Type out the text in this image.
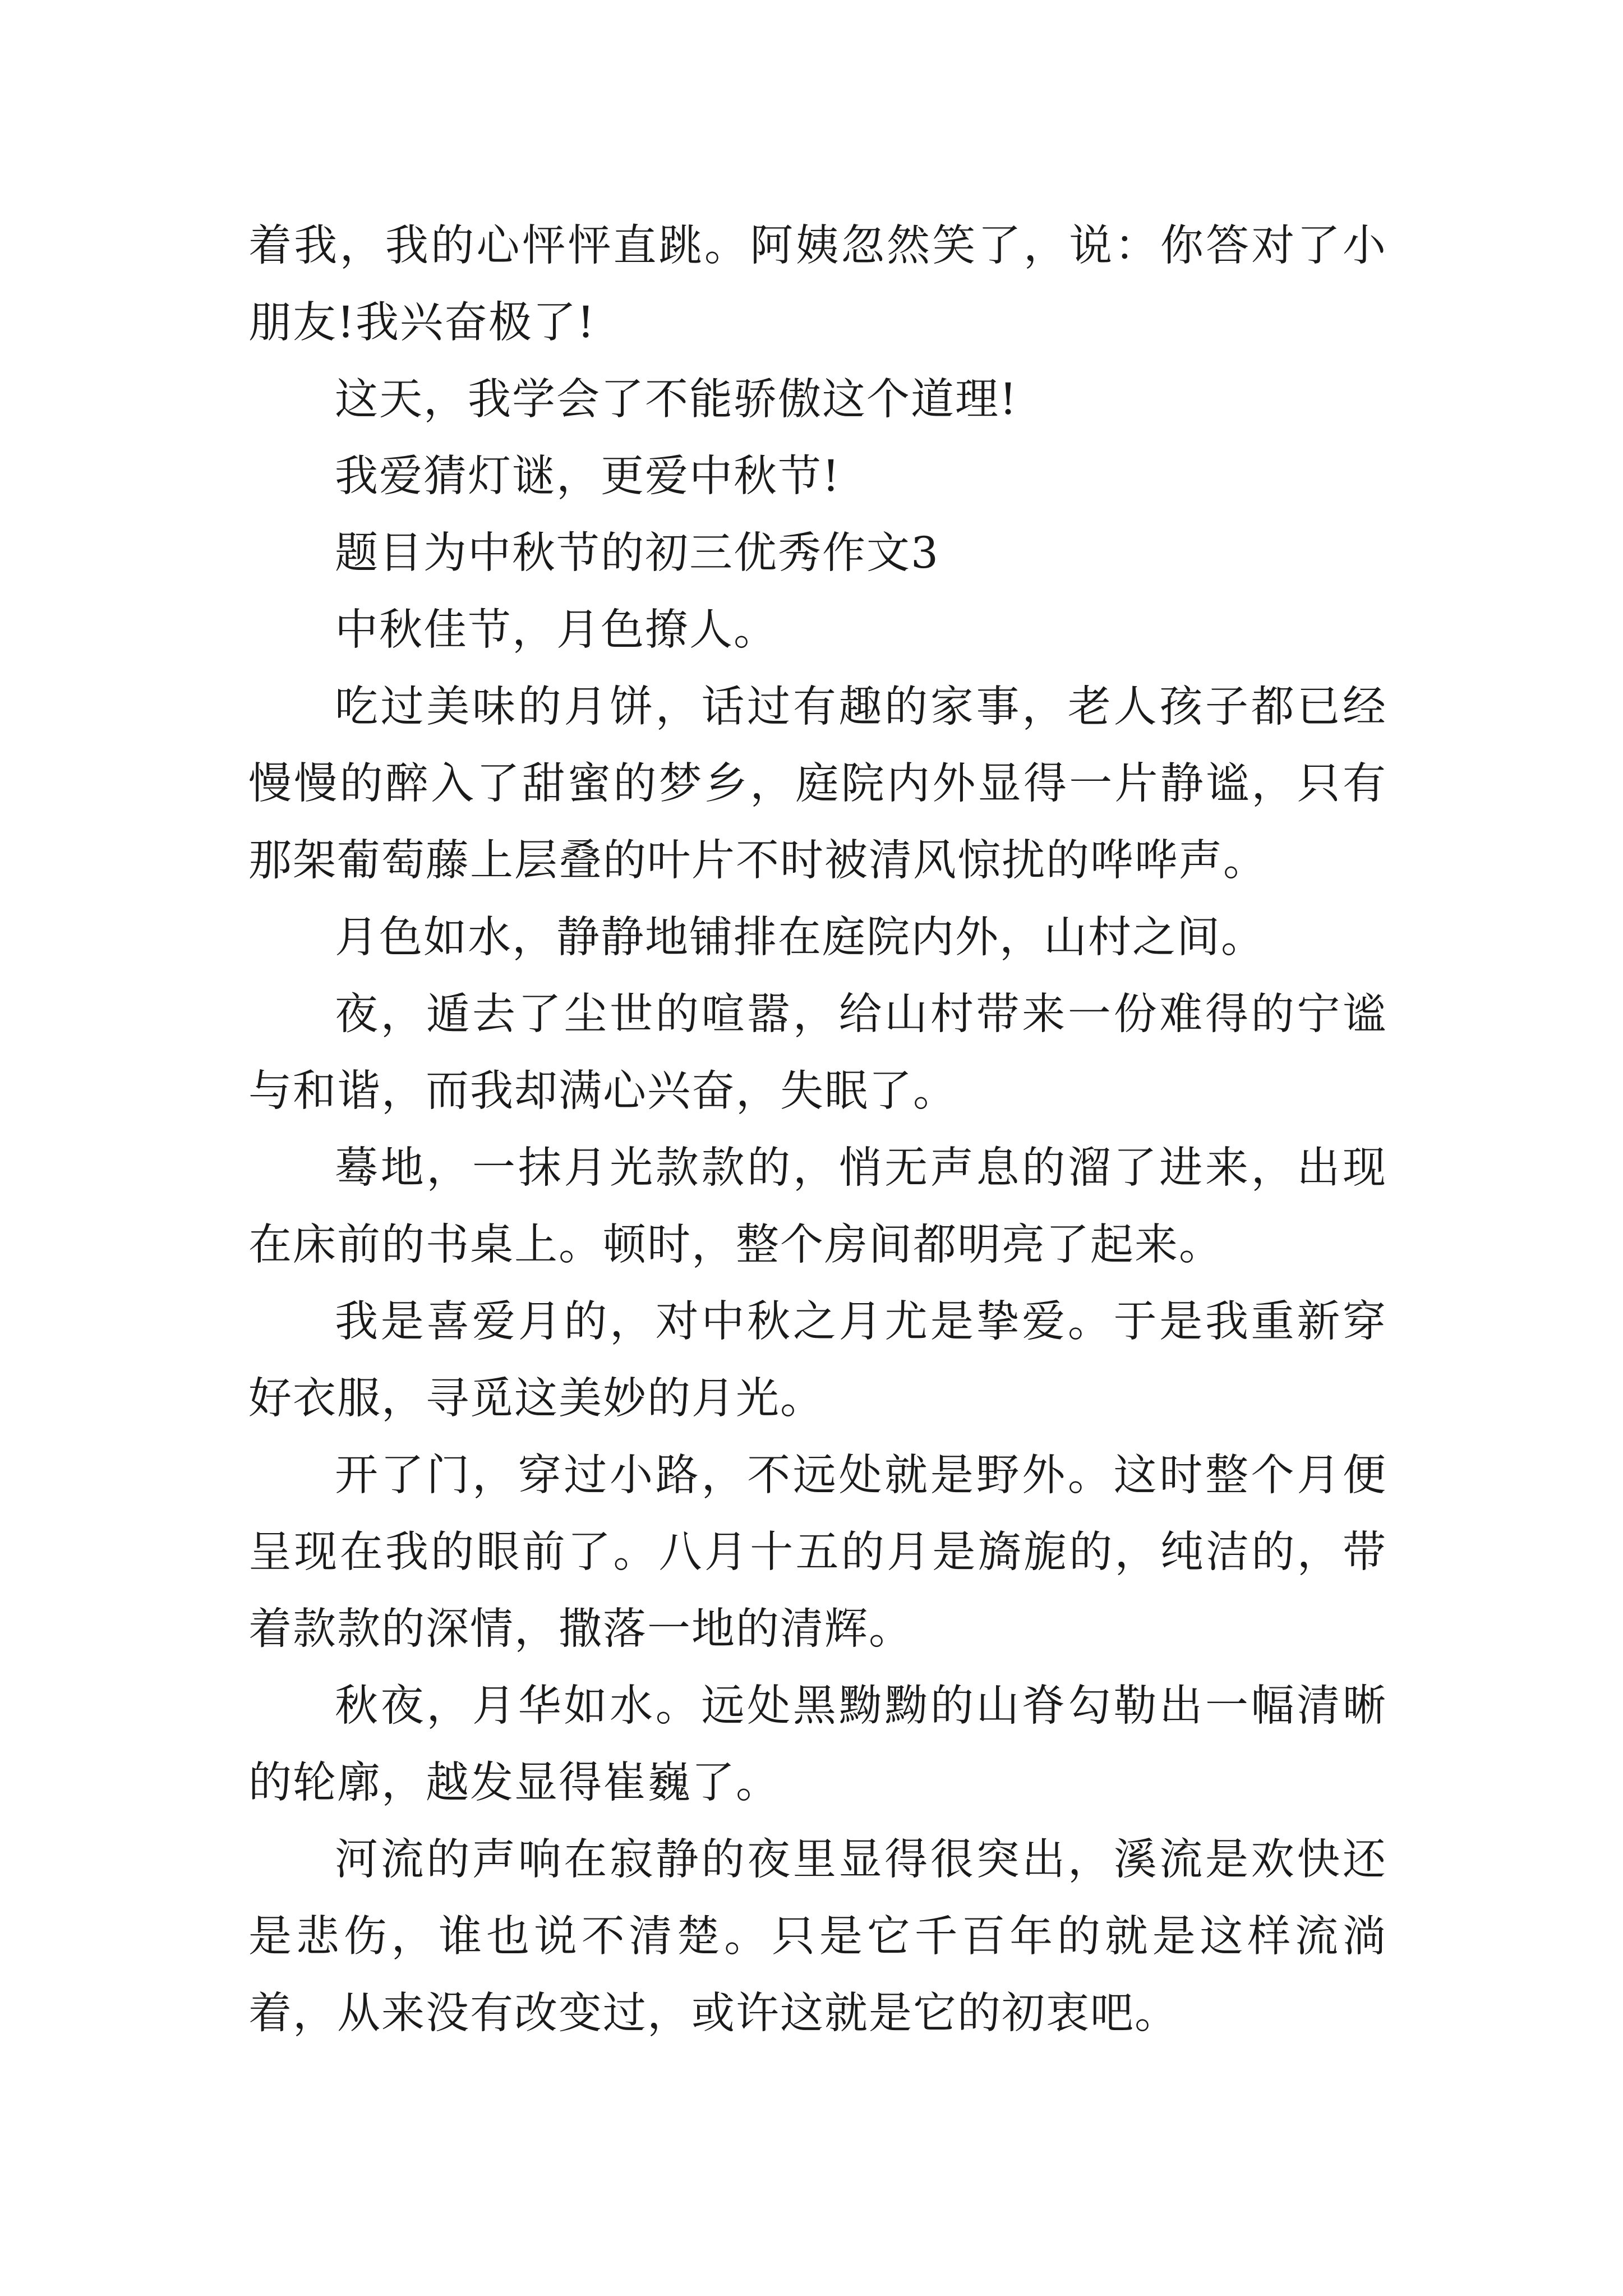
着我，我的心怦怦直跳。阿姨忽然笑了，说：你答对了小朋友!我兴奋极了!

这天，我学会了不能骄傲这个道理!

我爱猜灯谜，更爱中秋节!

题目为中秋节的初三优秀作文3

中秋佳节，月色撩人。

吃过美味的月饼，话过有趣的家事，老人孩子都已经慢慢的醉入了甜蜜的梦乡，庭院内外显得一片静谧，只有那架葡萄藤上层叠的叶片不时被清风惊扰的哗哗声。

月色如水，静静地铺排在庭院内外，山村之间。

夜，遁去了尘世的喧嚣，给山村带来一份难得的宁谧与和谐，而我却满心兴奋，失眠了。

蓦地，一抹月光款款的，悄无声息的溜了进来，出现在床前的书桌上。顿时，整个房间都明亮了起来。

我是喜爱月的，对中秋之月尤是挚爱。于是我重新穿好衣服，寻觅这美妙的月光。

开了门，穿过小路，不远处就是野外。这时整个月便呈现在我的眼前了。八月十五的月是旖旎的，纯洁的，带着款款的深情，撒落一地的清辉。

秋夜，月华如水。远处黑黝黝的山脊勾勒出一幅清晰的轮廓，越发显得崔巍了。

河流的声响在寂静的夜里显得很突出，溪流是欢快还是悲伤，谁也说不清楚。只是它千百年的就是这样流淌着，从来没有改变过，或许这就是它的初衷吧。
